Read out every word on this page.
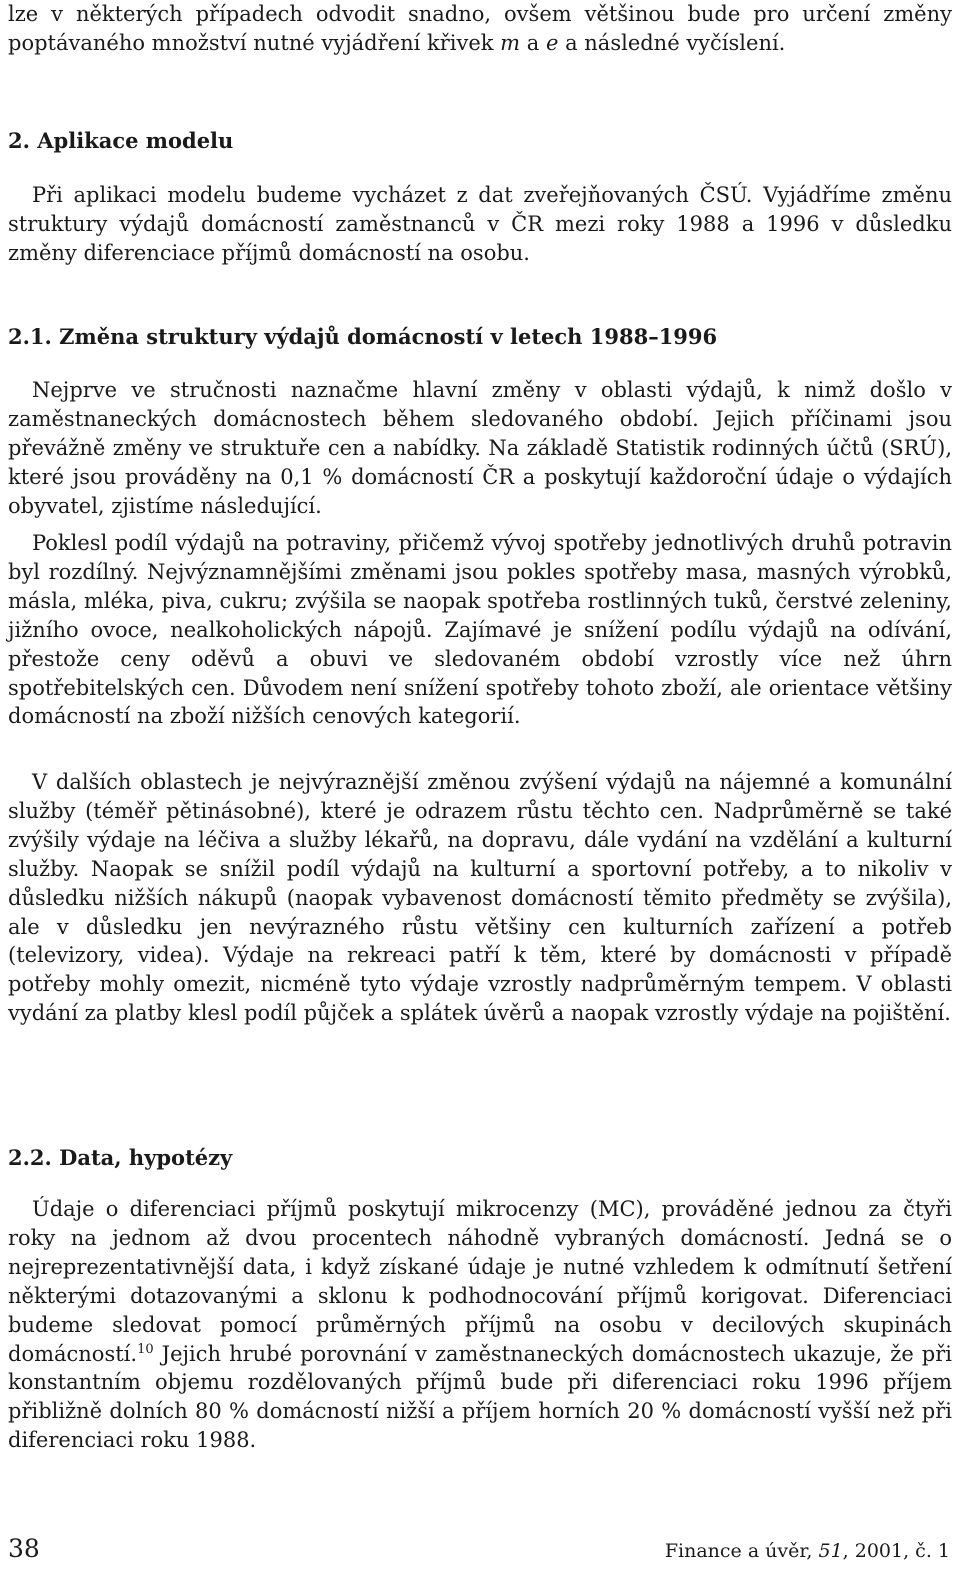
lze v některých případech odvodit snadno, ovšem většinou bude pro určení změny poptávaného množství nutné vyjádření křivek m a e a následné vyčíslení.

2. Aplikace modelu

Při aplikaci modelu budeme vycházet z dat zveřejňovaných ČSÚ. Vyjádříme změnu struktury výdajů domácností zaměstnanců v ČR mezi roky 1988 a 1996 v důsledku změny diferenciace příjmů domácností na osobu.

2.1. Změna struktury výdajů domácností v letech 1988–1996

Nejprve ve stručnosti naznačme hlavní změny v oblasti výdajů, k nimž došlo v zaměstnaneckých domácnostech během sledovaného období. Jejich příčinami jsou převážně změny ve struktuře cen a nabídky. Na základě Statistik rodinných účtů (SRÚ), které jsou prováděny na 0,1 % domácností ČR a poskytují každoroční údaje o výdajích obyvatel, zjistíme následující.

Poklesl podíl výdajů na potraviny, přičemž vývoj spotřeby jednotlivých druhů potravin byl rozdílný. Nejvýznamnějšími změnami jsou pokles spotřeby masa, masných výrobků, másla, mléka, piva, cukru; zvýšila se naopak spotřeba rostlinných tuků, čerstvé zeleniny, jižního ovoce, nealkoholických nápojů. Zajímavé je snížení podílu výdajů na odívání, přestože ceny oděvů a obuvi ve sledovaném období vzrostly více než úhrn spotřebitelských cen. Důvodem není snížení spotřeby tohoto zboží, ale orientace většiny domácností na zboží nižších cenových kategorií.

V dalších oblastech je nejvýraznější změnou zvýšení výdajů na nájemné a komunální služby (téměř pětinásobné), které je odrazem růstu těchto cen. Nadprůměrně se také zvýšily výdaje na léčiva a služby lékařů, na dopravu, dále vydání na vzdělání a kulturní služby. Naopak se snížil podíl výdajů na kulturní a sportovní potřeby, a to nikoliv v důsledku nižších nákupů (naopak vybavenost domácností těmito předměty se zvýšila), ale v důsledku jen nevýrazného růstu většiny cen kulturních zařízení a potřeb (televizory, videa). Výdaje na rekreaci patří k těm, které by domácnosti v případě potřeby mohly omezit, nicméně tyto výdaje vzrostly nadprůměrným tempem. V oblasti vydání za platby klesl podíl půjček a splátek úvěrů a naopak vzrostly výdaje na pojištění.

2.2. Data, hypotézy

Údaje o diferenciaci příjmů poskytují mikrocenzy (MC), prováděné jednou za čtyři roky na jednom až dvou procentech náhodně vybraných domácností. Jedná se o nejreprezentativnější data, i když získané údaje je nutné vzhledem k odmítnutí šetření některými dotazovanými a sklonu k podhodnocování příjmů korigovat. Diferenciaci budeme sledovat pomocí průměrných příjmů na osobu v decilových skupinách domácností.$^{10}$ Jejich hrubé porovnání v zaměstnaneckých domácnostech ukazuje, že při konstantním objemu rozdělovaných příjmů bude při diferenciaci roku 1996 příjem přibližně dolních 80 % domácností nižší a příjem horních 20 % domácností vyšší než při diferenciaci roku 1988.

38	Finance a úvěr, 51, 2001, č. 1
